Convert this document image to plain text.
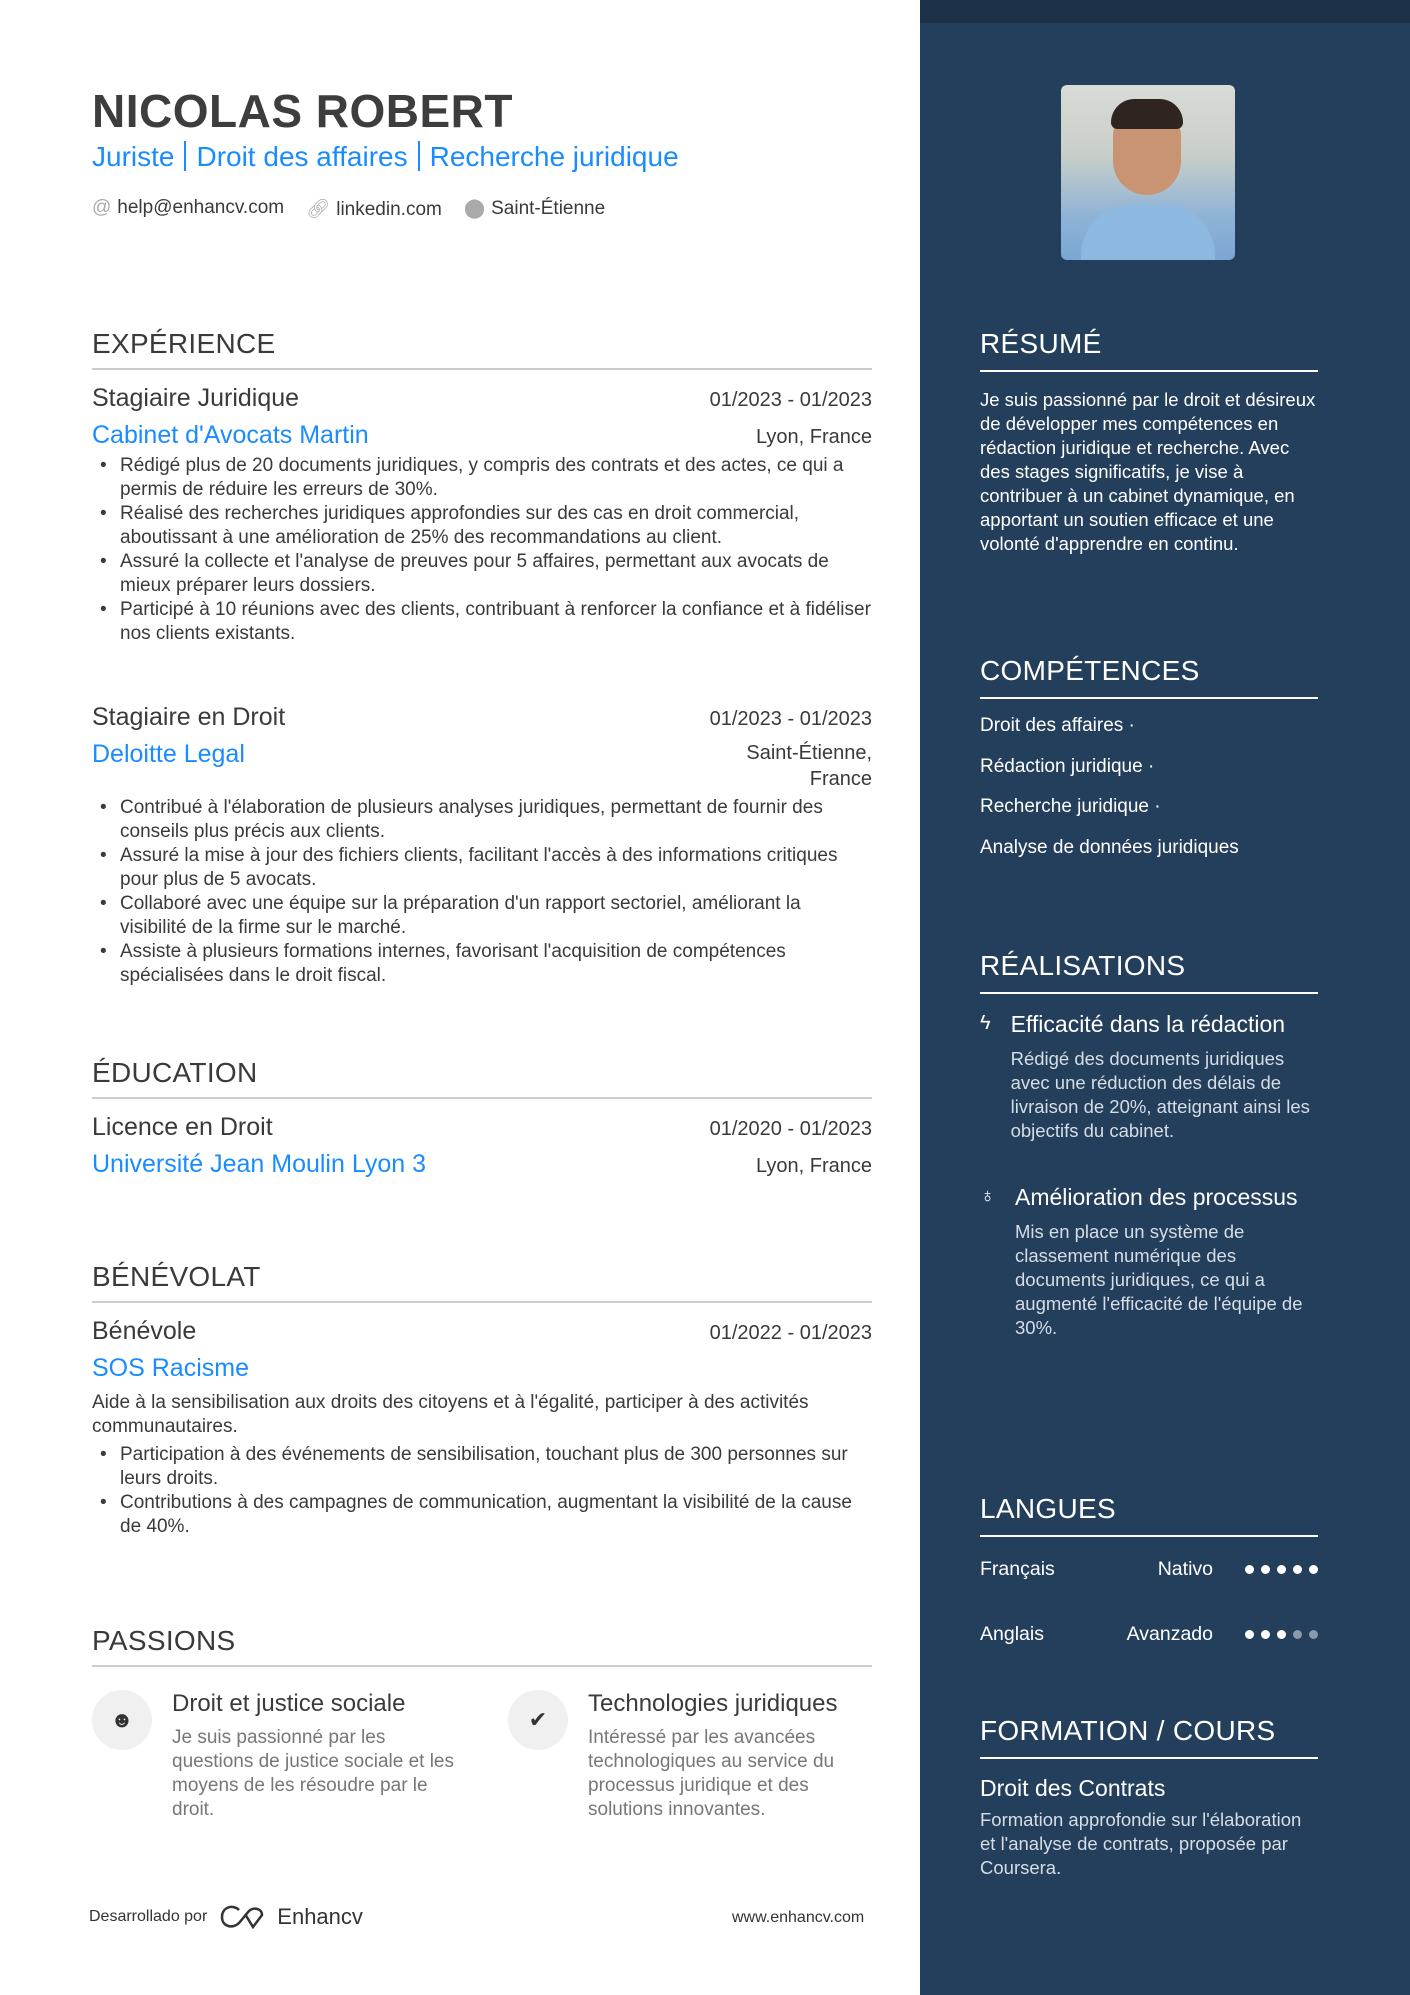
NICOLAS ROBERT
Juriste Droit des affaires Recherche juridique
@ help@enhancv.com 🔗︎ linkedin.com ⬤ Saint-Étienne
EXPÉRIENCE
Stagiaire Juridique	01/2023 - 01/2023
Cabinet d'Avocats Martin	Lyon, France
• Rédigé plus de 20 documents juridiques, y compris des contrats et des actes, ce qui a permis de réduire les erreurs de 30%.
• Réalisé des recherches juridiques approfondies sur des cas en droit commercial, aboutissant à une amélioration de 25% des recommandations au client.
• Assuré la collecte et l'analyse de preuves pour 5 affaires, permettant aux avocats de mieux préparer leurs dossiers.
• Participé à 10 réunions avec des clients, contribuant à renforcer la confiance et à fidéliser nos clients existants.
Stagiaire en Droit	01/2023 - 01/2023
Deloitte Legal	Saint-Étienne, France
• Contribué à l'élaboration de plusieurs analyses juridiques, permettant de fournir des conseils plus précis aux clients.
• Assuré la mise à jour des fichiers clients, facilitant l'accès à des informations critiques pour plus de 5 avocats.
• Collaboré avec une équipe sur la préparation d'un rapport sectoriel, améliorant la visibilité de la firme sur le marché.
• Assiste à plusieurs formations internes, favorisant l'acquisition de compétences spécialisées dans le droit fiscal.
ÉDUCATION
Licence en Droit	01/2020 - 01/2023
Université Jean Moulin Lyon 3	Lyon, France
BÉNÉVOLAT
Bénévole	01/2022 - 01/2023
SOS Racisme

Aide à la sensibilisation aux droits des citoyens et à l'égalité, participer à des activités communautaires.

• Participation à des événements de sensibilisation, touchant plus de 300 personnes sur leurs droits.
• Contributions à des campagnes de communication, augmentant la visibilité de la cause de 40%.
PASSIONS
☻
Droit et justice sociale
Je suis passionné par les questions de justice sociale et les moyens de les résoudre par le droit.
✔
Technologies juridiques
Intéressé par les avancées technologiques au service du processus juridique et des solutions innovantes.
Desarrollado por	Enhancv	www.enhancv.com
RÉSUMÉ

Je suis passionné par le droit et désireux de développer mes compétences en rédaction juridique et recherche. Avec des stages significatifs, je vise à contribuer à un cabinet dynamique, en apportant un soutien efficace et une volonté d'apprendre en continu.

COMPÉTENCES
Droit des affaires ·
Rédaction juridique ·
Recherche juridique ·
Analyse de données juridiques
RÉALISATIONS
ϟ Efficacité dans la rédaction
Rédigé des documents juridiques avec une réduction des délais de livraison de 20%, atteignant ainsi les objectifs du cabinet.
♁ Amélioration des processus
Mis en place un système de classement numérique des documents juridiques, ce qui a augmenté l'efficacité de l'équipe de 30%.
LANGUES
Français	Nativo
Anglais	Avanzado
FORMATION / COURS
Droit des Contrats

Formation approfondie sur l'élaboration et l'analyse de contrats, proposée par Coursera.
